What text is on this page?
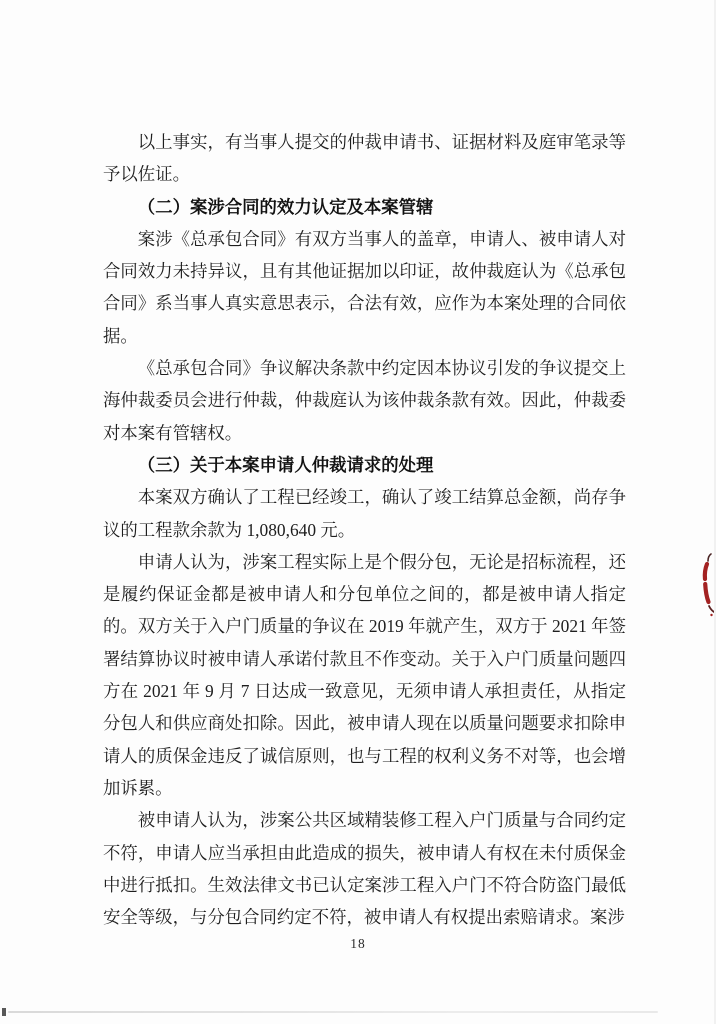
以上事实，有当事人提交的仲裁申请书、证据材料及庭审笔录等予以佐证。

（二）案涉合同的效力认定及本案管辖

案涉《总承包合同》有双方当事人的盖章，申请人、被申请人对合同效力未持异议，且有其他证据加以印证，故仲裁庭认为《总承包合同》系当事人真实意思表示，合法有效，应作为本案处理的合同依据。

《总承包合同》争议解决条款中约定因本协议引发的争议提交上海仲裁委员会进行仲裁，仲裁庭认为该仲裁条款有效。因此，仲裁委对本案有管辖权。

（三）关于本案申请人仲裁请求的处理

本案双方确认了工程已经竣工，确认了竣工结算总金额，尚存争议的工程款余款为 1,080,640 元。

申请人认为，涉案工程实际上是个假分包，无论是招标流程，还是履约保证金都是被申请人和分包单位之间的，都是被申请人指定的。双方关于入户门质量的争议在 2019 年就产生，双方于 2021 年签署结算协议时被申请人承诺付款且不作变动。关于入户门质量问题四方在 2021 年 9 月 7 日达成一致意见，无须申请人承担责任，从指定分包人和供应商处扣除。因此，被申请人现在以质量问题要求扣除申请人的质保金违反了诚信原则，也与工程的权利义务不对等，也会增加诉累。

被申请人认为，涉案公共区域精装修工程入户门质量与合同约定不符，申请人应当承担由此造成的损失，被申请人有权在未付质保金中进行抵扣。生效法律文书已认定案涉工程入户门不符合防盗门最低安全等级，与分包合同约定不符，被申请人有权提出索赔请求。案涉

18
